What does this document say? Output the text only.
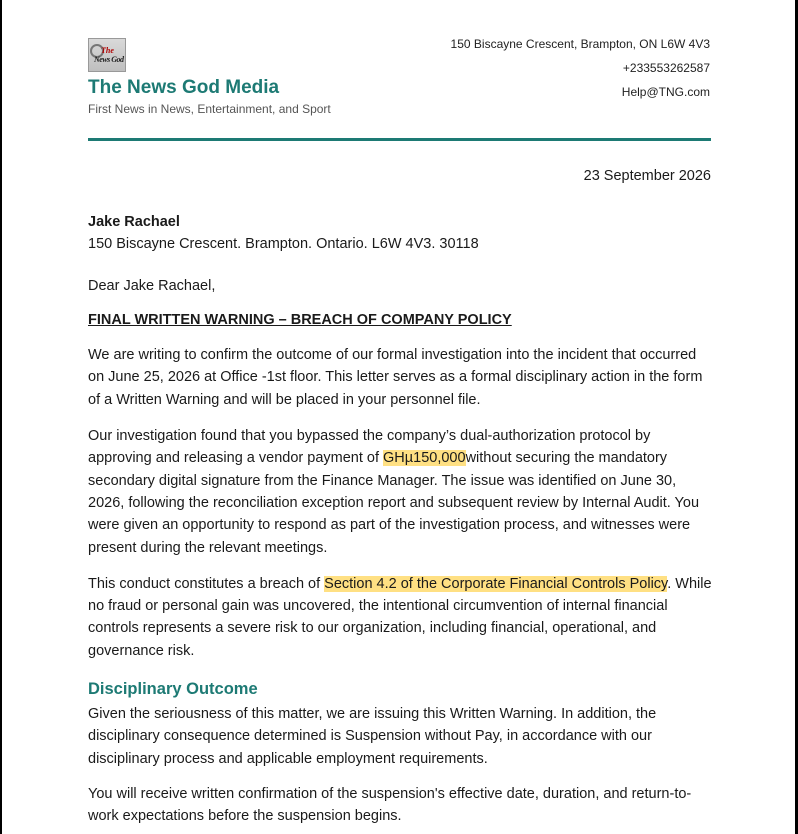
The
News God
The News God Media
First News in News, Entertainment, and Sport
150 Biscayne Crescent, Brampton, ON L6W 4V3
+233553262587
Help@TNG.com
23 September 2026
Jake Rachael
150 Biscayne Crescent. Brampton. Ontario. L6W 4V3. 30118
Dear Jake Rachael,
FINAL WRITTEN WARNING – BREACH OF COMPANY POLICY

We are writing to confirm the outcome of our formal investigation into the incident that occurred on June 25, 2026 at Office -1st floor. This letter serves as a formal disciplinary action in the form of a Written Warning and will be placed in your personnel file.

Our investigation found that you bypassed the company’s dual-authorization protocol by approving and releasing a vendor payment of GHµ150,000without securing the mandatory secondary digital signature from the Finance Manager. The issue was identified on June 30, 2026, following the reconciliation exception report and subsequent review by Internal Audit. You were given an opportunity to respond as part of the investigation process, and witnesses were present during the relevant meetings.

This conduct constitutes a breach of Section 4.2 of the Corporate Financial Controls Policy. While no fraud or personal gain was uncovered, the intentional circumvention of internal financial controls represents a severe risk to our organization, including financial, operational, and governance risk.

Disciplinary Outcome

Given the seriousness of this matter, we are issuing this Written Warning. In addition, the disciplinary consequence determined is Suspension without Pay, in accordance with our disciplinary process and applicable employment requirements.

You will receive written confirmation of the suspension's effective date, duration, and return-to-work expectations before the suspension begins.
